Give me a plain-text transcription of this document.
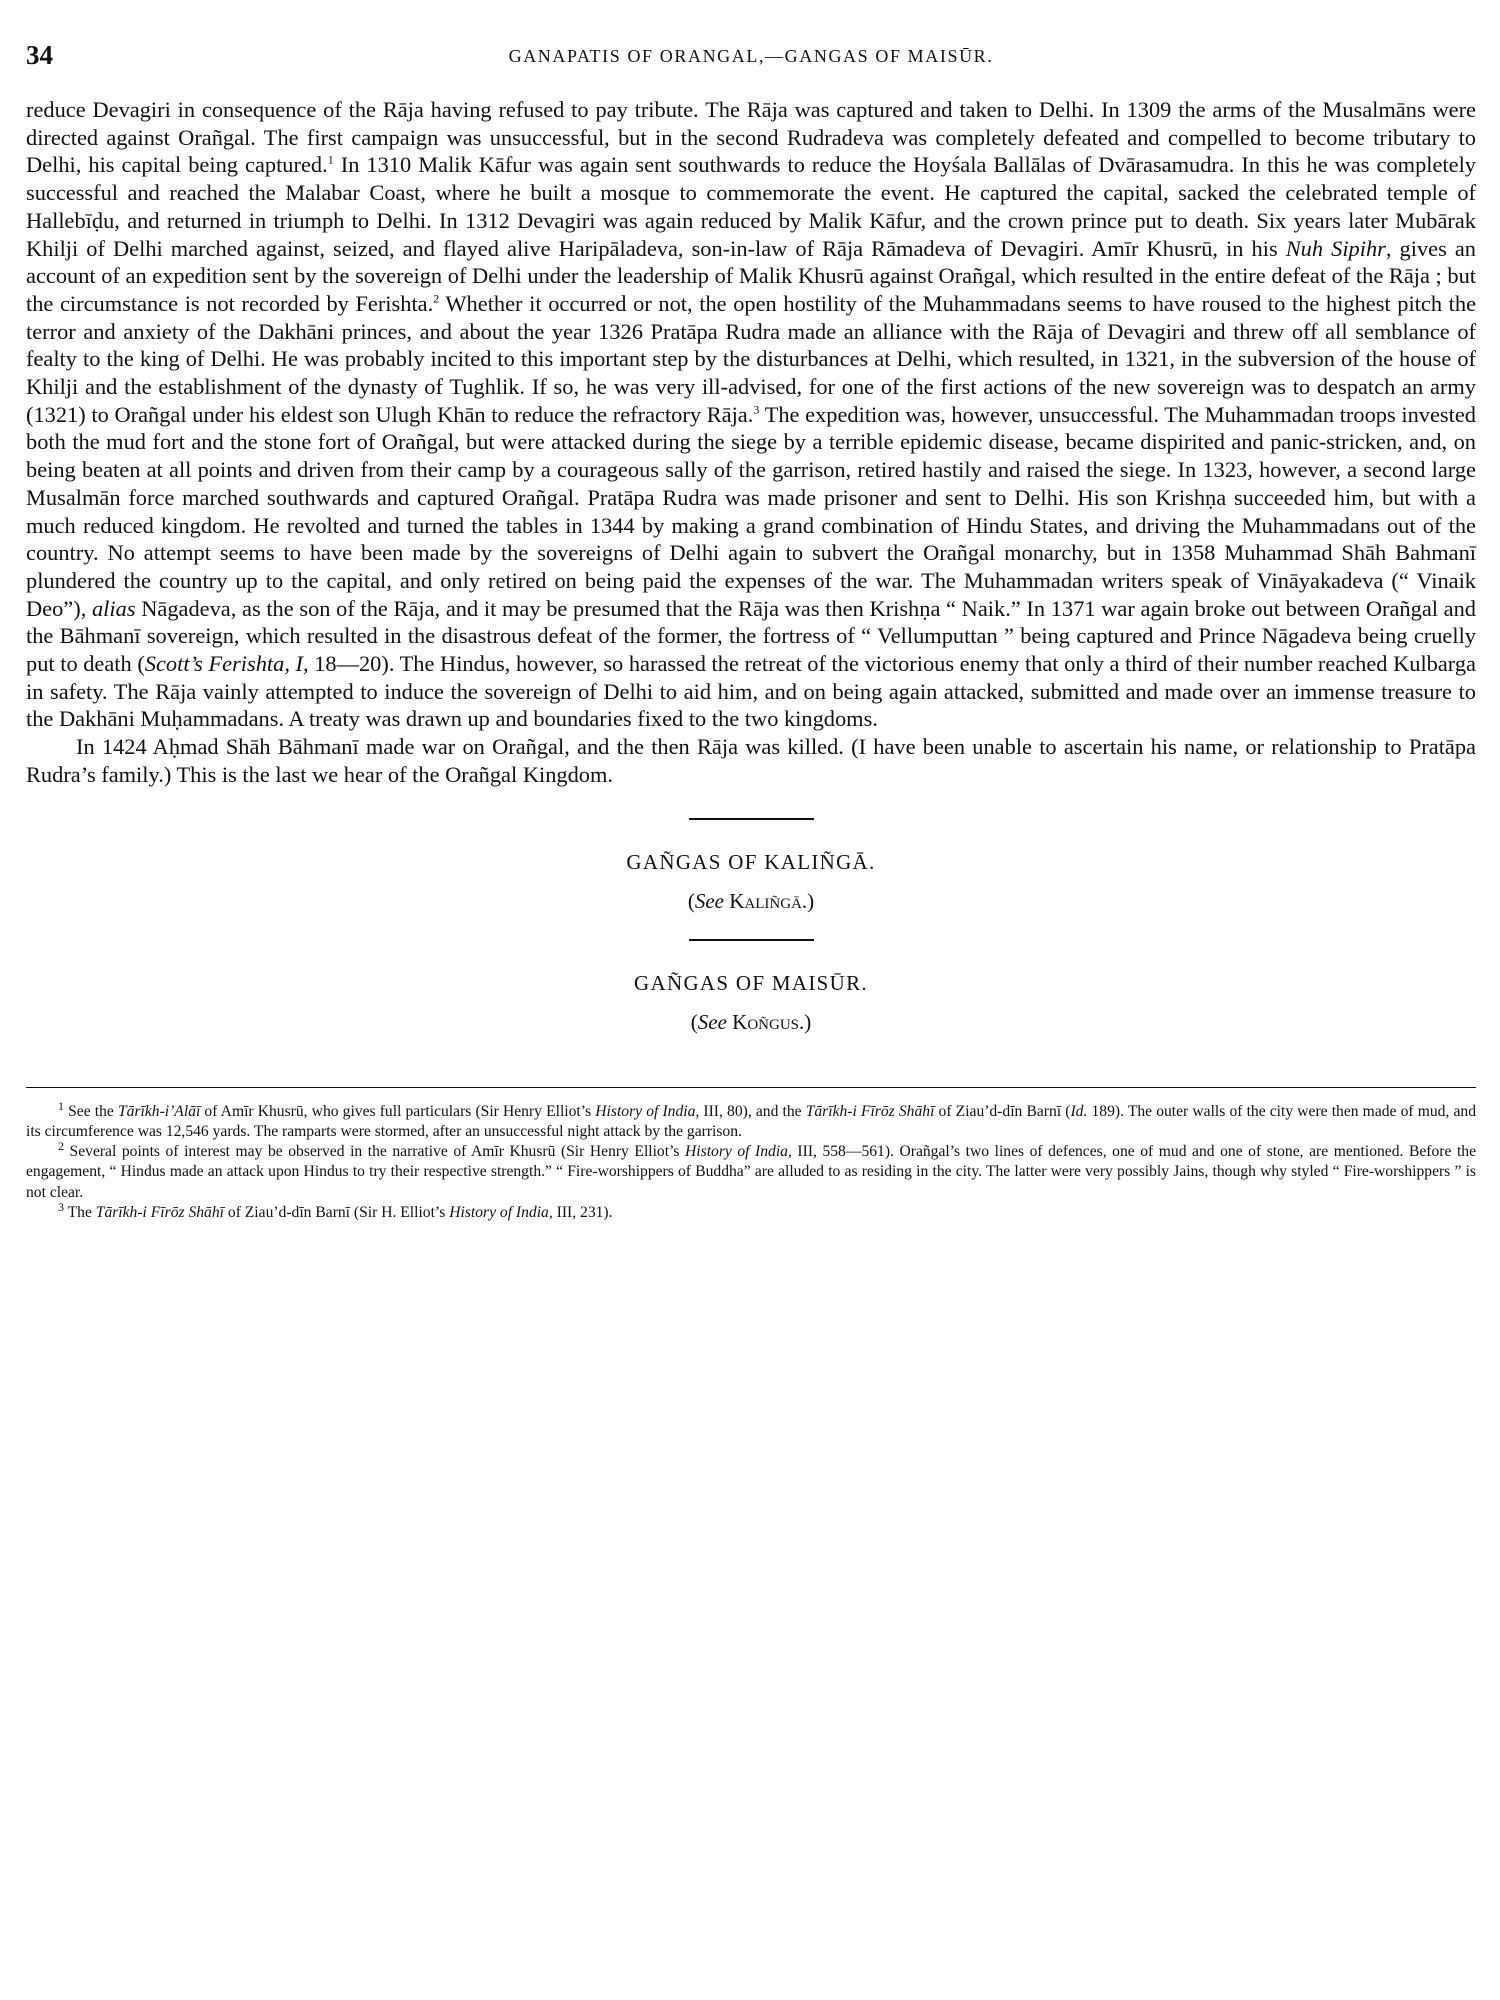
34	GANAPATIS OF ORANGAL,—GANGAS OF MAISŪR.

reduce Devagiri in consequence of the Rāja having refused to pay tribute. The Rāja was captured and taken to Delhi. In 1309 the arms of the Musalmāns were directed against Orañgal. The first campaign was unsuccessful, but in the second Rudradeva was completely defeated and compelled to become tributary to Delhi, his capital being captured.$^1$ In 1310 Malik Kāfur was again sent southwards to reduce the Hoyśala Ballālas of Dvārasamudra. In this he was completely successful and reached the Malabar Coast, where he built a mosque to commemorate the event. He captured the capital, sacked the celebrated temple of Hallebīḍu, and returned in triumph to Delhi. In 1312 Devagiri was again reduced by Malik Kāfur, and the crown prince put to death. Six years later Mubārak Khilji of Delhi marched against, seized, and flayed alive Haripāladeva, son-in-law of Rāja Rāmadeva of Devagiri. Amīr Khusrū, in his Nuh Sipihr, gives an account of an expedition sent by the sovereign of Delhi under the leadership of Malik Khusrū against Orañgal, which resulted in the entire defeat of the Rāja ; but the circumstance is not recorded by Ferishta.$^2$ Whether it occurred or not, the open hostility of the Muhammadans seems to have roused to the highest pitch the terror and anxiety of the Dakhāni princes, and about the year 1326 Pratāpa Rudra made an alliance with the Rāja of Devagiri and threw off all semblance of fealty to the king of Delhi. He was probably incited to this important step by the disturbances at Delhi, which resulted, in 1321, in the subversion of the house of Khilji and the establishment of the dynasty of Tughlik. If so, he was very ill-advised, for one of the first actions of the new sovereign was to despatch an army (1321) to Orañgal under his eldest son Ulugh Khān to reduce the refractory Rāja.$^3$ The expedition was, however, unsuccessful. The Muhammadan troops invested both the mud fort and the stone fort of Orañgal, but were attacked during the siege by a terrible epidemic disease, became dispirited and panic-stricken, and, on being beaten at all points and driven from their camp by a courageous sally of the garrison, retired hastily and raised the siege. In 1323, however, a second large Musalmān force marched southwards and captured Orañgal. Pratāpa Rudra was made prisoner and sent to Delhi. His son Krishṇa succeeded him, but with a much reduced kingdom. He revolted and turned the tables in 1344 by making a grand combination of Hindu States, and driving the Muhammadans out of the country. No attempt seems to have been made by the sovereigns of Delhi again to subvert the Orañgal monarchy, but in 1358 Muhammad Shāh Bahmanī plundered the country up to the capital, and only retired on being paid the expenses of the war. The Muhammadan writers speak of Vināyakadeva (“ Vinaik Deo”), alias Nāgadeva, as the son of the Rāja, and it may be presumed that the Rāja was then Krishṇa “ Naik.” In 1371 war again broke out between Orañgal and the Bāhmanī sovereign, which resulted in the disastrous defeat of the former, the fortress of “ Vellumputtan ” being captured and Prince Nāgadeva being cruelly put to death (Scott’s Ferishta, I, 18—20). The Hindus, however, so harassed the retreat of the victorious enemy that only a third of their number reached Kulbarga in safety. The Rāja vainly attempted to induce the sovereign of Delhi to aid him, and on being again attacked, submitted and made over an immense treasure to the Dakhāni Muḥammadans. A treaty was drawn up and boundaries fixed to the two kingdoms.

In 1424 Aḥmad Shāh Bāhmanī made war on Orañgal, and the then Rāja was killed. (I have been unable to ascertain his name, or relationship to Pratāpa Rudra’s family.) This is the last we hear of the Orañgal Kingdom.

GAÑGAS OF KALIÑGĀ.
(See Kaliñgā.)
GAÑGAS OF MAISŪR.
(See Koñgus.)

$^1$ See the Tārīkh-i’Alāī of Amīr Khusrū, who gives full particulars (Sir Henry Elliot’s History of India, III, 80), and the Tārīkh-i Fīrōz Shāhī of Ziau’d-dīn Barnī (Id. 189). The outer walls of the city were then made of mud, and its circumference was 12,546 yards. The ramparts were stormed, after an unsuccessful night attack by the garrison.

$^2$ Several points of interest may be observed in the narrative of Amīr Khusrū (Sir Henry Elliot’s History of India, III, 558—561). Orañgal’s two lines of defences, one of mud and one of stone, are mentioned. Before the engagement, “ Hindus made an attack upon Hindus to try their respective strength.” “ Fire-worshippers of Buddha” are alluded to as residing in the city. The latter were very possibly Jains, though why styled “ Fire-worshippers ” is not clear.

$^3$ The Tārīkh-i Fīrōz Shāhī of Ziau’d-dīn Barnī (Sir H. Elliot’s History of India, III, 231).
